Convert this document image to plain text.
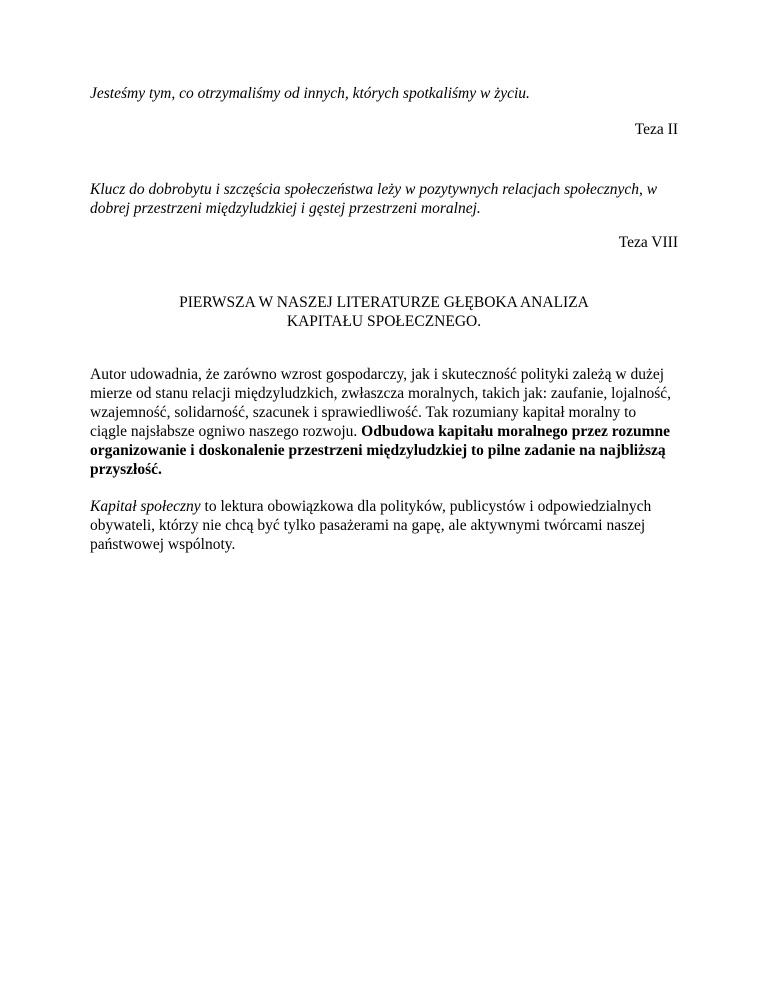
Jesteśmy tym, co otrzymaliśmy od innych, których spotkaliśmy w życiu.
Teza II
Klucz do dobrobytu i szczęścia społeczeństwa leży w pozytywnych relacjach społecznych, w
dobrej przestrzeni międzyludzkiej i gęstej przestrzeni moralnej.
Teza VIII
PIERWSZA W NASZEJ LITERATURZE GŁĘBOKA ANALIZA
KAPITAŁU SPOŁECZNEGO.
Autor udowadnia, że zarówno wzrost gospodarczy, jak i skuteczność polityki zależą w dużej
mierze od stanu relacji międzyludzkich, zwłaszcza moralnych, takich jak: zaufanie, lojalność,
wzajemność, solidarność, szacunek i sprawiedliwość. Tak rozumiany kapitał moralny to
ciągle najsłabsze ogniwo naszego rozwoju. Odbudowa kapitału moralnego przez rozumne
organizowanie i doskonalenie przestrzeni międzyludzkiej to pilne zadanie na najbliższą
przyszłość.
Kapitał społeczny to lektura obowiązkowa dla polityków, publicystów i odpowiedzialnych
obywateli, którzy nie chcą być tylko pasażerami na gapę, ale aktywnymi twórcami naszej
państwowej wspólnoty.
